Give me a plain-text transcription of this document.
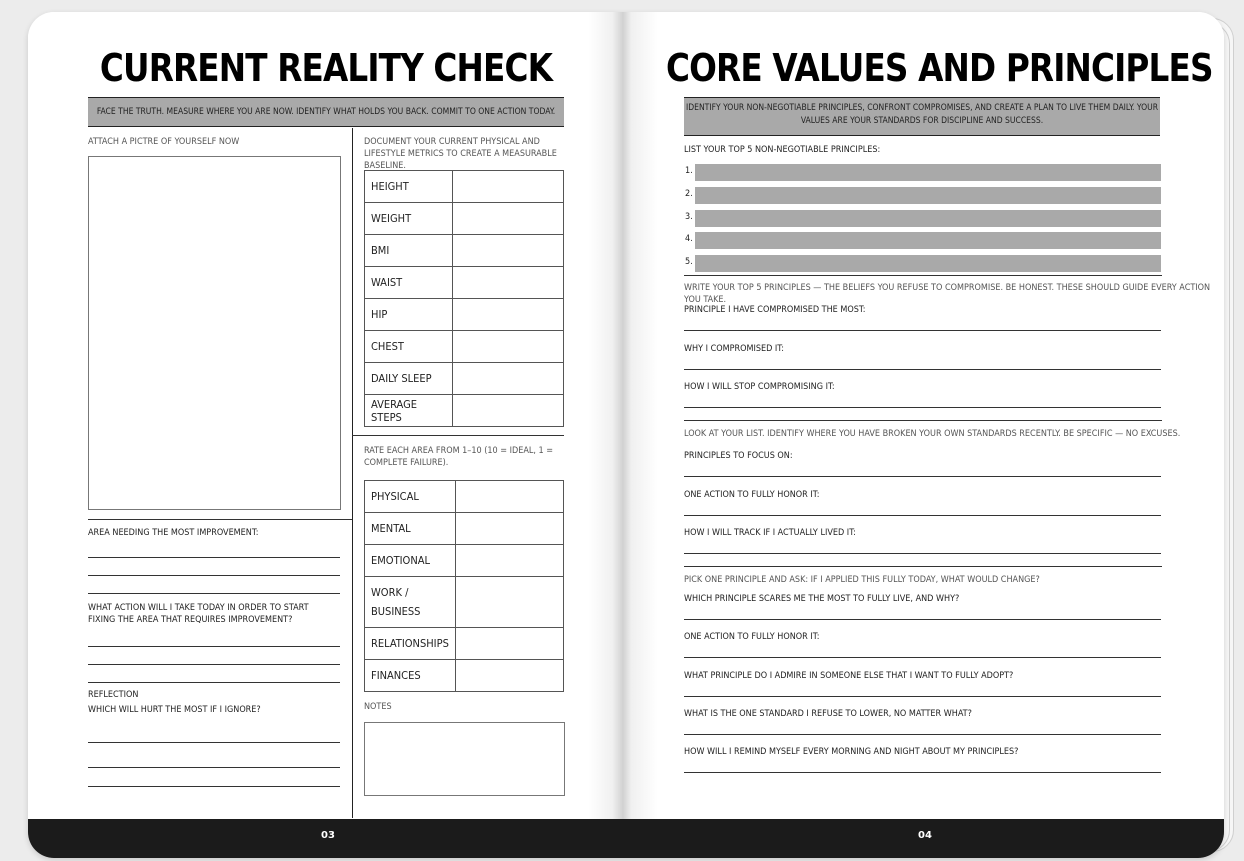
CURRENT REALITY CHECK
FACE THE TRUTH. MEASURE WHERE YOU ARE NOW. IDENTIFY WHAT HOLDS YOU BACK. COMMIT TO ONE ACTION TODAY.
ATTACH A PICTRE OF YOURSELF NOW
AREA NEEDING THE MOST IMPROVEMENT:
WHAT ACTION WILL I TAKE TODAY IN ORDER TO START FIXING THE AREA THAT REQUIRES IMPROVEMENT?
REFLECTION
WHICH WILL HURT THE MOST IF I IGNORE?
DOCUMENT YOUR CURRENT PHYSICAL AND LIFESTYLE METRICS TO CREATE A MEASURABLE BASELINE.
HEIGHT	
WEIGHT	
BMI	
WAIST	
HIP	
CHEST	
DAILY SLEEP	
AVERAGE STEPS	
RATE EACH AREA FROM 1–10 (10 = IDEAL, 1 = COMPLETE FAILURE).
PHYSICAL	
MENTAL	
EMOTIONAL	
WORK / BUSINESS	
RELATIONSHIPS	
FINANCES	
NOTES
CORE VALUES AND PRINCIPLES
IDENTIFY YOUR NON-NEGOTIABLE PRINCIPLES, CONFRONT COMPROMISES, AND CREATE A PLAN TO LIVE THEM DAILY. YOUR VALUES ARE YOUR STANDARDS FOR DISCIPLINE AND SUCCESS.
LIST YOUR TOP 5 NON-NEGOTIABLE PRINCIPLES:
1.
2.
3.
4.
5.
WRITE YOUR TOP 5 PRINCIPLES — THE BELIEFS YOU REFUSE TO COMPROMISE. BE HONEST. THESE SHOULD GUIDE EVERY ACTION YOU TAKE.
PRINCIPLE I HAVE COMPROMISED THE MOST:
WHY I COMPROMISED IT:
HOW I WILL STOP COMPROMISING IT:
LOOK AT YOUR LIST. IDENTIFY WHERE YOU HAVE BROKEN YOUR OWN STANDARDS RECENTLY. BE SPECIFIC — NO EXCUSES.
PRINCIPLES TO FOCUS ON:
ONE ACTION TO FULLY HONOR IT:
HOW I WILL TRACK IF I ACTUALLY LIVED IT:
PICK ONE PRINCIPLE AND ASK: IF I APPLIED THIS FULLY TODAY, WHAT WOULD CHANGE?
WHICH PRINCIPLE SCARES ME THE MOST TO FULLY LIVE, AND WHY?
ONE ACTION TO FULLY HONOR IT:
WHAT PRINCIPLE DO I ADMIRE IN SOMEONE ELSE THAT I WANT TO FULLY ADOPT?
WHAT IS THE ONE STANDARD I REFUSE TO LOWER, NO MATTER WHAT?
HOW WILL I REMIND MYSELF EVERY MORNING AND NIGHT ABOUT MY PRINCIPLES?
03	04
